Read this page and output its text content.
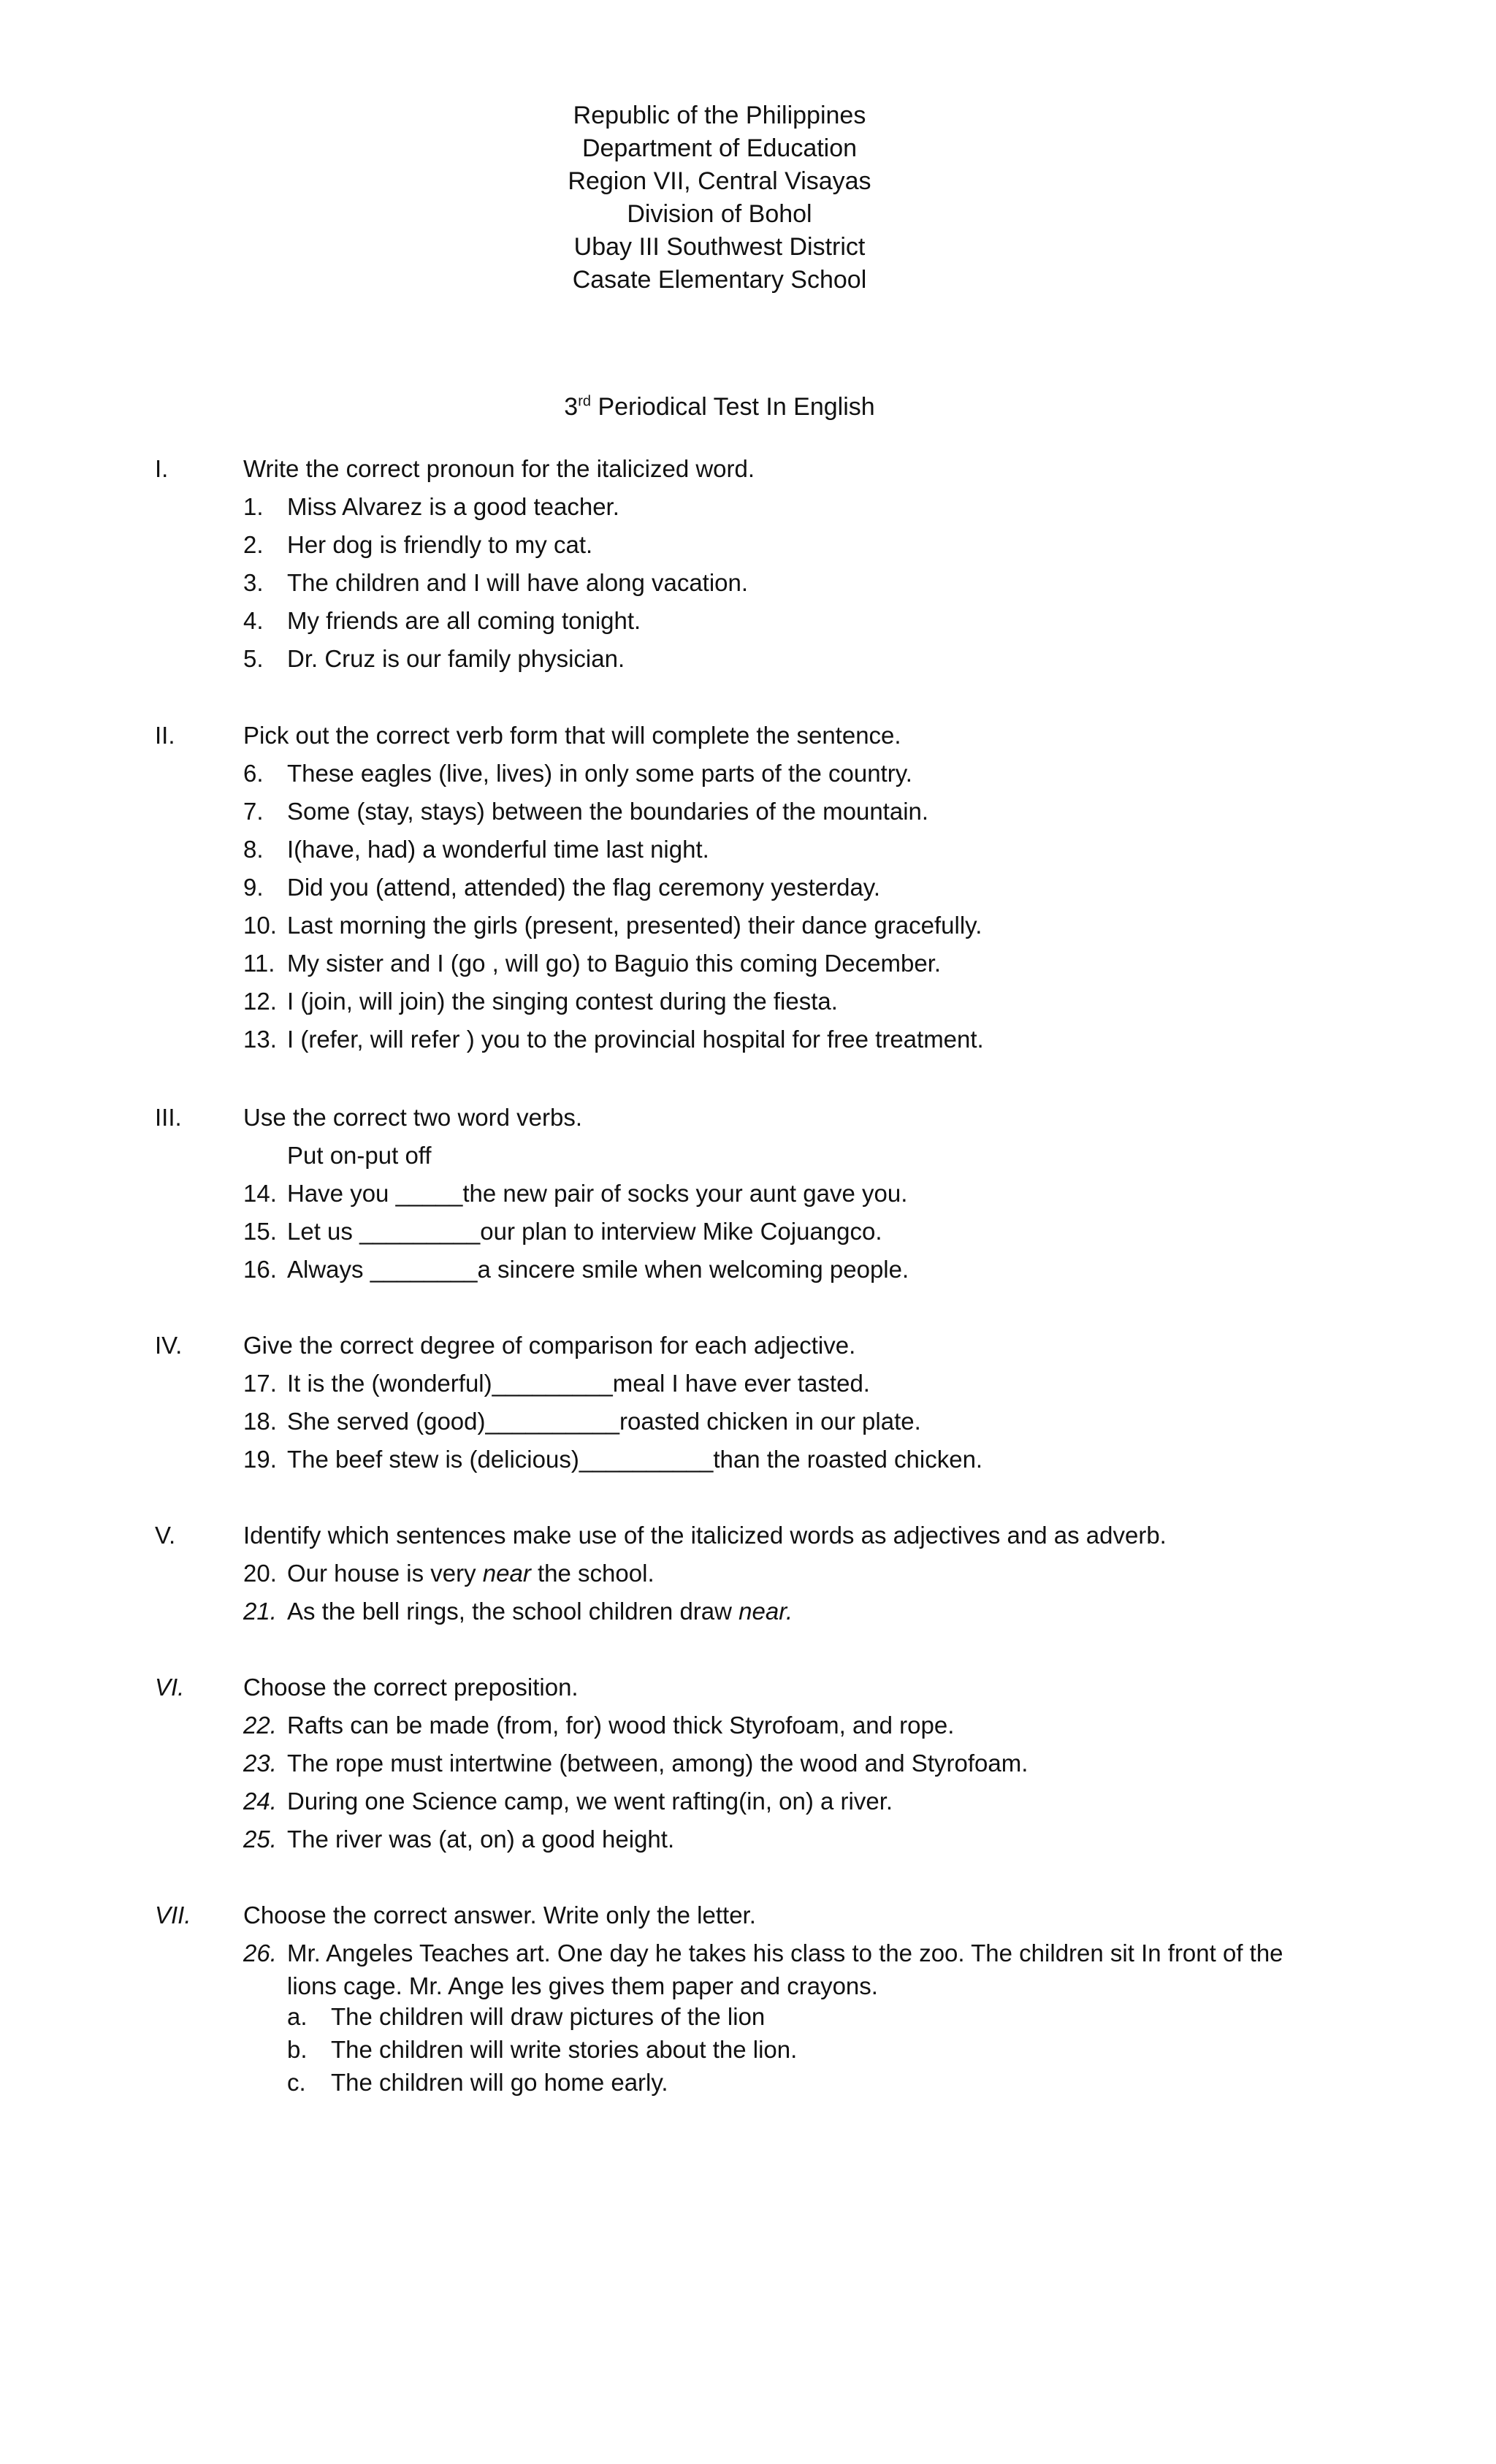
Republic of the Philippines
Department of Education
Region VII, Central Visayas
Division of Bohol
Ubay III Southwest District
Casate Elementary School
3rd Periodical Test In English
I.	Write the correct pronoun for the italicized word.
1. Miss Alvarez is a good teacher.
2. Her dog is friendly to my cat.
3. The children and I will have along vacation.
4. My friends are all coming tonight.
5. Dr. Cruz is our family physician.
II.	Pick out the correct verb form that will complete the sentence.
6. These eagles (live, lives) in only some parts of the country.
7. Some (stay, stays) between the boundaries of the mountain.
8. I(have, had) a wonderful time last night.
9. Did you (attend, attended) the flag ceremony yesterday.
10. Last morning the girls (present, presented) their dance gracefully.
11. My sister and I (go , will go) to Baguio this coming December.
12. I (join, will join) the singing contest during the fiesta.
13. I (refer, will refer ) you to the provincial hospital for free treatment.
III.	Use the correct two word verbs.
Put on-put off
14. Have you _____the new pair of socks your aunt gave you.
15. Let us _________our plan to interview Mike Cojuangco.
16. Always ________a sincere smile when welcoming people.
IV.	Give the correct degree of comparison for each adjective.
17. It is the (wonderful)_________meal I have ever tasted.
18. She served (good)__________roasted chicken in our plate.
19. The beef stew is (delicious)__________than the roasted chicken.
V.	Identify which sentences make use of the italicized words as adjectives and as adverb.
20. Our house is very near the school.
21. As the bell rings, the school children draw near.
VI. Choose the correct preposition.
22. Rafts can be made (from, for) wood thick Styrofoam, and rope.
23. The rope must intertwine (between, among) the wood and Styrofoam.
24. During one Science camp, we went rafting(in, on) a river.
25. The river was (at, on) a good height.
VII. Choose the correct answer. Write only the letter.
26. Mr. Angeles Teaches art. One day he takes his class to the zoo. The children sit In front of the lions cage. Mr. Ange les gives them paper and crayons.
a. The children will draw pictures of the lion
b. The children will write stories about the lion.
c. The children will go home early.
